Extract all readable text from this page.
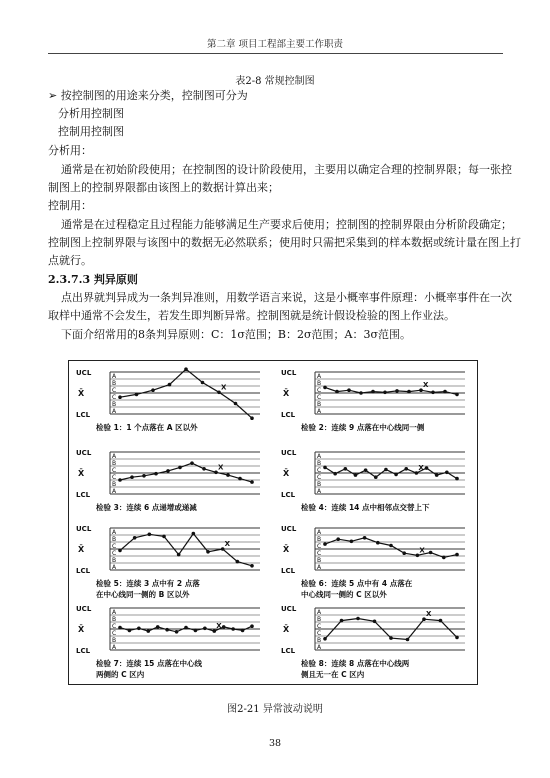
第二章 项目工程部主要工作职责
表2-8 常规控制图
➢ 按控制图的用途来分类，控制图可分为
分析用控制图
控制用控制图
分析用：
通常是在初始阶段使用；在控制图的设计阶段使用，主要用以确定合理的控制界限；每一张控
制图上的控制界限都由该图上的数据计算出来；
控制用：
通常是在过程稳定且过程能力能够满足生产要求后使用；控制图的控制界限由分析阶段确定；
控制图上控制界限与该图中的数据无必然联系；使用时只需把采集到的样本数据或统计量在图上打
点就行。
2.3.7.3 判异原则
点出界就判异成为一条判异准则，用数学语言来说，这是小概率事件原理：小概率事件在一次
取样中通常不会发生，若发生即判断异常。控制图就是统计假设检验的图上作业法。
下面介绍常用的8条判异原则：C：1σ范围；B：2σ范围；A：3σ范围。
UCL
X̄
LCL
A
B
C
C
B
A
X
检验 1：1 个点落在 A 区以外
UCL
X̄
LCL
A
B
C
C
B
A
X
检验 2：连续 9 点落在中心线同一侧
UCL
X̄
LCL
A
B
C
C
B
A
X
检验 3：连续 6 点递增或递减
UCL
X̄
LCL
A
B
C
C
B
A
X
检验 4：连续 14 点中相邻点交替上下
UCL
X̄
LCL
A
B
C
C
B
A
X
检验 5：连续 3 点中有 2 点落
在中心线同一侧的 B 区以外
UCL
X̄
LCL
A
B
C
C
B
A
X
检验 6：连续 5 点中有 4 点落在
中心线同一侧的 C 区以外
UCL
X̄
LCL
A
B
C
C
B
A
X
检验 7：连续 15 点落在中心线
两侧的 C 区内
UCL
X̄
LCL
A
B
C
C
B
A
X
检验 8：连续 8 点落在中心线两
侧且无一在 C 区内
图2-21 异常波动说明
38
